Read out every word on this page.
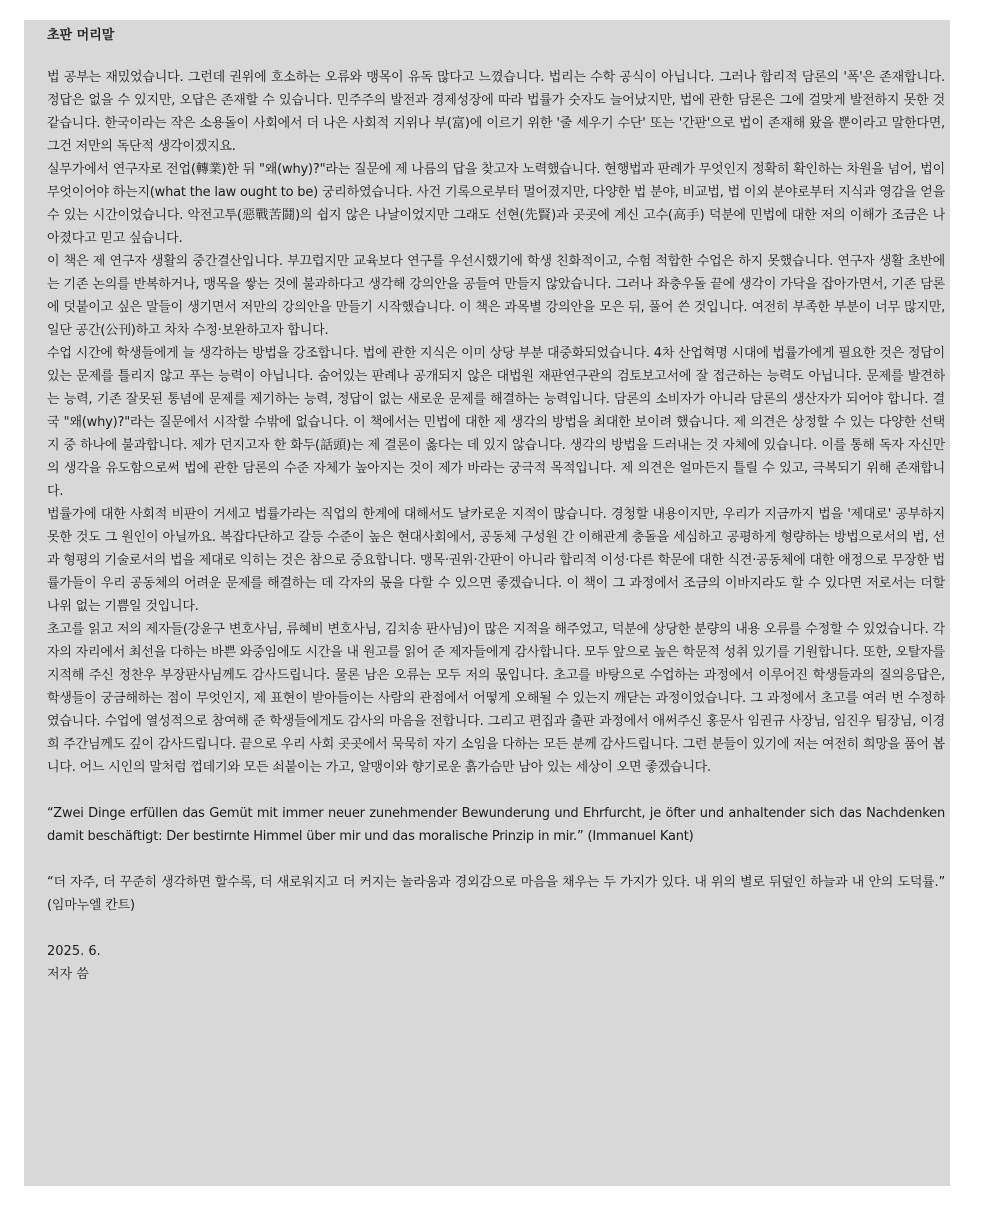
초판 머리말

법 공부는 재밌었습니다. 그런데 권위에 호소하는 오류와 맹목이 유독 많다고 느꼈습니다. 법리는 수학 공식이 아닙니다. 그러나 합리적 담론의 '폭'은 존재합니다. 정답은 없을 수 있지만, 오답은 존재할 수 있습니다. 민주주의 발전과 경제성장에 따라 법률가 숫자도 늘어났지만, 법에 관한 담론은 그에 걸맞게 발전하지 못한 것 같습니다. 한국이라는 작은 소용돌이 사회에서 더 나은 사회적 지위나 부(富)에 이르기 위한 '줄 세우기 수단' 또는 '간판'으로 법이 존재해 왔을 뿐이라고 말한다면, 그건 저만의 독단적 생각이겠지요.

실무가에서 연구자로 전업(轉業)한 뒤 "왜(why)?"라는 질문에 제 나름의 답을 찾고자 노력했습니다. 현행법과 판례가 무엇인지 정확히 확인하는 차원을 넘어, 법이 무엇이어야 하는지(what the law ought to be) 궁리하였습니다. 사건 기록으로부터 멀어졌지만, 다양한 법 분야, 비교법, 법 이외 분야로부터 지식과 영감을 얻을 수 있는 시간이었습니다. 악전고투(惡戰苦鬪)의 쉽지 않은 나날이었지만 그래도 선현(先賢)과 곳곳에 계신 고수(高手) 덕분에 민법에 대한 저의 이해가 조금은 나아졌다고 믿고 싶습니다.

이 책은 제 연구자 생활의 중간결산입니다. 부끄럽지만 교육보다 연구를 우선시했기에 학생 친화적이고, 수험 적합한 수업은 하지 못했습니다. 연구자 생활 초반에는 기존 논의를 반복하거나, 맹목을 쌓는 것에 불과하다고 생각해 강의안을 공들여 만들지 않았습니다. 그러나 좌충우돌 끝에 생각이 가닥을 잡아가면서, 기존 담론에 덧붙이고 싶은 말들이 생기면서 저만의 강의안을 만들기 시작했습니다. 이 책은 과목별 강의안을 모은 뒤, 풀어 쓴 것입니다. 여전히 부족한 부분이 너무 많지만, 일단 공간(公刊)하고 차차 수정·보완하고자 합니다.

수업 시간에 학생들에게 늘 생각하는 방법을 강조합니다. 법에 관한 지식은 이미 상당 부분 대중화되었습니다. 4차 산업혁명 시대에 법률가에게 필요한 것은 정답이 있는 문제를 틀리지 않고 푸는 능력이 아닙니다. 숨어있는 판례나 공개되지 않은 대법원 재판연구관의 검토보고서에 잘 접근하는 능력도 아닙니다. 문제를 발견하는 능력, 기존 잘못된 통념에 문제를 제기하는 능력, 정답이 없는 새로운 문제를 해결하는 능력입니다. 담론의 소비자가 아니라 담론의 생산자가 되어야 합니다. 결국 "왜(why)?"라는 질문에서 시작할 수밖에 없습니다. 이 책에서는 민법에 대한 제 생각의 방법을 최대한 보이려 했습니다. 제 의견은 상정할 수 있는 다양한 선택지 중 하나에 불과합니다. 제가 던지고자 한 화두(話頭)는 제 결론이 옳다는 데 있지 않습니다. 생각의 방법을 드러내는 것 자체에 있습니다. 이를 통해 독자 자신만의 생각을 유도함으로써 법에 관한 담론의 수준 자체가 높아지는 것이 제가 바라는 궁극적 목적입니다. 제 의견은 얼마든지 틀릴 수 있고, 극복되기 위해 존재합니다.

법률가에 대한 사회적 비판이 거세고 법률가라는 직업의 한계에 대해서도 날카로운 지적이 많습니다. 경청할 내용이지만, 우리가 지금까지 법을 '제대로' 공부하지 못한 것도 그 원인이 아닐까요. 복잡다단하고 갈등 수준이 높은 현대사회에서, 공동체 구성원 간 이해관계 충돌을 세심하고 공평하게 형량하는 방법으로서의 법, 선과 형평의 기술로서의 법을 제대로 익히는 것은 참으로 중요합니다. 맹목·권위·간판이 아니라 합리적 이성·다른 학문에 대한 식견·공동체에 대한 애정으로 무장한 법률가들이 우리 공동체의 어려운 문제를 해결하는 데 각자의 몫을 다할 수 있으면 좋겠습니다. 이 책이 그 과정에서 조금의 이바지라도 할 수 있다면 저로서는 더할 나위 없는 기쁨일 것입니다.

초고를 읽고 저의 제자들(강윤구 변호사님, 류혜비 변호사님, 김치송 판사님)이 많은 지적을 해주었고, 덕분에 상당한 분량의 내용 오류를 수정할 수 있었습니다. 각자의 자리에서 최선을 다하는 바쁜 와중임에도 시간을 내 원고를 읽어 준 제자들에게 감사합니다. 모두 앞으로 높은 학문적 성취 있기를 기원합니다. 또한, 오탈자를 지적해 주신 정찬우 부장판사님께도 감사드립니다. 물론 남은 오류는 모두 저의 몫입니다. 초고를 바탕으로 수업하는 과정에서 이루어진 학생들과의 질의응답은, 학생들이 궁금해하는 점이 무엇인지, 제 표현이 받아들이는 사람의 관점에서 어떻게 오해될 수 있는지 깨닫는 과정이었습니다. 그 과정에서 초고를 여러 번 수정하였습니다. 수업에 열성적으로 참여해 준 학생들에게도 감사의 마음을 전합니다. 그리고 편집과 출판 과정에서 애써주신 홍문사 임권규 사장님, 임진우 팀장님, 이경희 주간님께도 깊이 감사드립니다. 끝으로 우리 사회 곳곳에서 묵묵히 자기 소임을 다하는 모든 분께 감사드립니다. 그런 분들이 있기에 저는 여전히 희망을 품어 봅니다. 어느 시인의 말처럼 껍데기와 모든 쇠붙이는 가고, 알맹이와 향기로운 흙가슴만 남아 있는 세상이 오면 좋겠습니다.

“Zwei Dinge erfüllen das Gemüt mit immer neuer zunehmender Bewunderung und Ehrfurcht, je öfter und anhaltender sich das Nachdenken damit beschäftigt: Der bestirnte Himmel über mir und das moralische Prinzip in mir.” (Immanuel Kant)
“더 자주, 더 꾸준히 생각하면 할수록, 더 새로워지고 더 커지는 놀라움과 경외감으로 마음을 채우는 두 가지가 있다. 내 위의 별로 뒤덮인 하늘과 내 안의 도덕률.” (임마누엘 칸트)
2025. 6.
저자 씀
